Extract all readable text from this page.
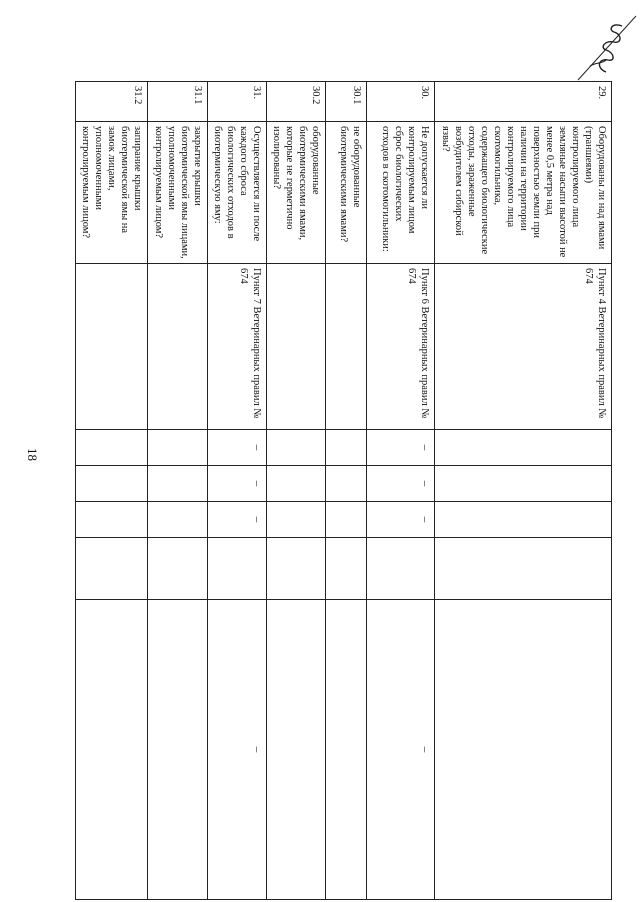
18
29.	Оборудованы ли над ямами (траншеями) контролируемого лица земляные насыпи высотой не менее 0,5 метра над поверхностью земли при наличии на территории контролируемого лица скотомогильника, содержащего биологические отходы, зараженные возбудителем сибирской язвы?	Пункт 4 Ветеринарных правил № 674					
30.	Не допускается ли контролируемым лицом сброс биологических отходов в скотомогильники:	Пункт 6 Ветеринарных правил № 674	–	–	–		–
30.1	не оборудованные биотермическими ямами?						
30.2	оборудованные биотермическими ямами, которые не герметично изолированы?						
31.	Осуществляется ли после каждого сброса биологических отходов в биотермическую яму:	Пункт 7 Ветеринарных правил № 674	–	–	–		–
31.1	закрытие крышки биотермической ямы лицами, уполномоченными контролируемым лицом?						
31.2	запирание крышки биотермической ямы на замок лицами, уполномоченными контролируемым лицом?						
